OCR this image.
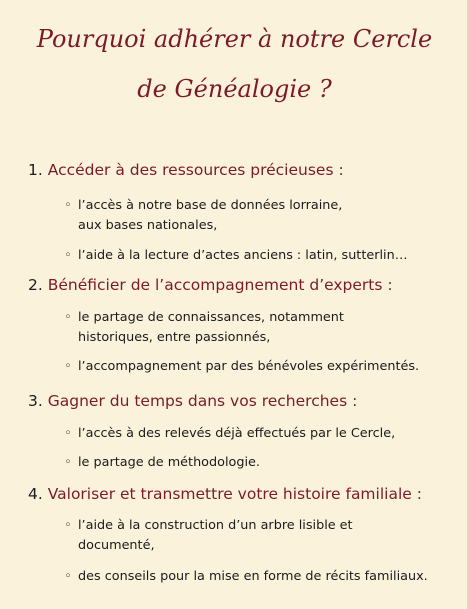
Pourquoi adhérer à notre Cercle
de Généalogie ?
1. Accéder à des ressources précieuses :
◦ l’accès à notre base de données lorraine,
aux bases nationales,
◦ l’aide à la lecture d’actes anciens : latin, sutterlin…
2. Bénéficier de l’accompagnement d’experts :
◦ le partage de connaissances, notamment
historiques, entre passionnés,
◦ l’accompagnement par des bénévoles expérimentés.
3. Gagner du temps dans vos recherches :
◦ l’accès à des relevés déjà effectués par le Cercle,
◦ le partage de méthodologie.
4. Valoriser et transmettre votre histoire familiale :
◦ l’aide à la construction d’un arbre lisible et
documenté,
◦ des conseils pour la mise en forme de récits familiaux.
